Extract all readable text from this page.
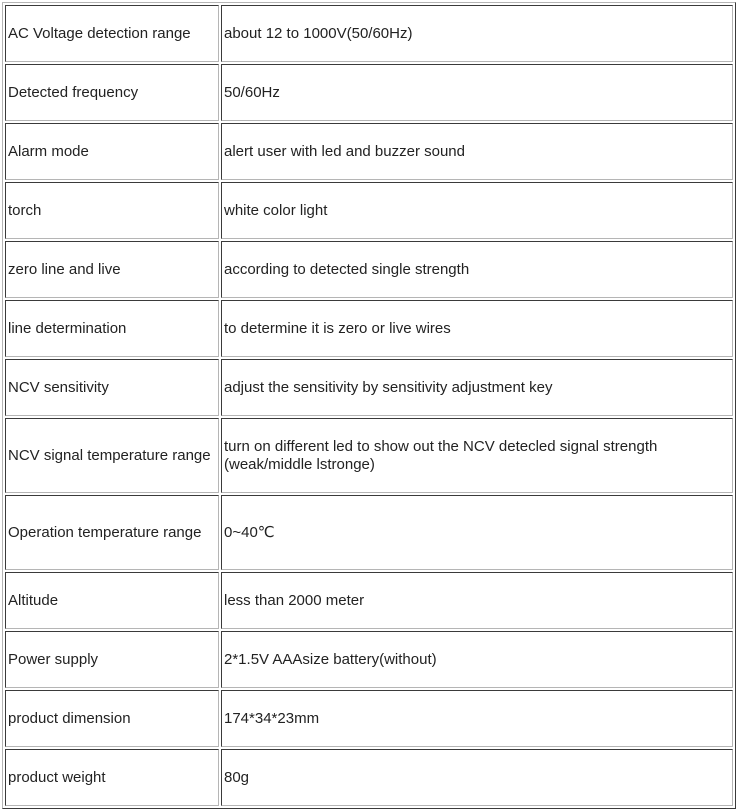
AC Voltage detection range	about 12 to 1000V(50/60Hz)

Detected frequency	50/60Hz

Alarm mode	alert user with led and buzzer sound

torch	white color light

zero line and live	according to detected single strength

line determination	to determine it is zero or live wires

NCV sensitivity	adjust the sensitivity by sensitivity adjustment key

NCV signal temperature range	turn on different led to show out the NCV detecled signal strength (weak/middle lstronge)

Operation temperature range	0~40℃

Altitude	less than 2000 meter

Power supply	2*1.5V AAAsize battery(without)

product dimension	174*34*23mm

product weight	80g
